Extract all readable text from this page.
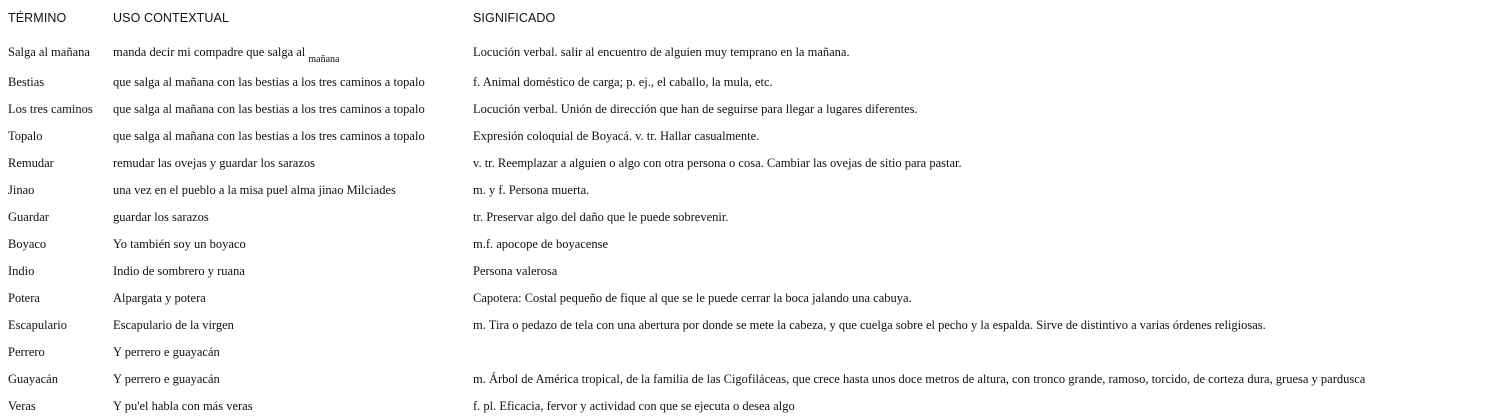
TÉRMINO	USO CONTEXTUAL	SIGNIFICADO
Salga al mañana	manda decir mi compadre que salga al $_{mañana}$	Locución verbal. salir al encuentro de alguien muy temprano en la mañana.
Bestias	que salga al mañana con las bestias a los tres caminos a topalo	f. Animal doméstico de carga; p. ej., el caballo, la mula, etc.
Los tres caminos	que salga al mañana con las bestias a los tres caminos a topalo	Locución verbal. Unión de dirección que han de seguirse para llegar a lugares diferentes.
Topalo	que salga al mañana con las bestias a los tres caminos a topalo	Expresión coloquial de Boyacá. v. tr. Hallar casualmente.
Remudar	remudar las ovejas y guardar los sarazos	v. tr. Reemplazar a alguien o algo con otra persona o cosa. Cambiar las ovejas de sitio para pastar.
Jinao	una vez en el pueblo a la misa puel alma jinao Milciades	m. y f. Persona muerta.
Guardar	guardar los sarazos	tr. Preservar algo del daño que le puede sobrevenir.
Boyaco	Yo también soy un boyaco	m.f. apocope de boyacense
Indio	Indio de sombrero y ruana	Persona valerosa
Potera	Alpargata y potera	Capotera: Costal pequeño de fique al que se le puede cerrar la boca jalando una cabuya.
Escapulario	Escapulario de la virgen	m. Tira o pedazo de tela con una abertura por donde se mete la cabeza, y que cuelga sobre el pecho y la espalda. Sirve de distintivo a varias órdenes religiosas.
Perrero	Y perrero e guayacán	
Guayacán	Y perrero e guayacán	m. Árbol de América tropical, de la familia de las Cigofiláceas, que crece hasta unos doce metros de altura, con tronco grande, ramoso, torcido, de corteza dura, gruesa y pardusca
Veras	Y pu'el habla con más veras	f. pl. Eficacia, fervor y actividad con que se ejecuta o desea algo
